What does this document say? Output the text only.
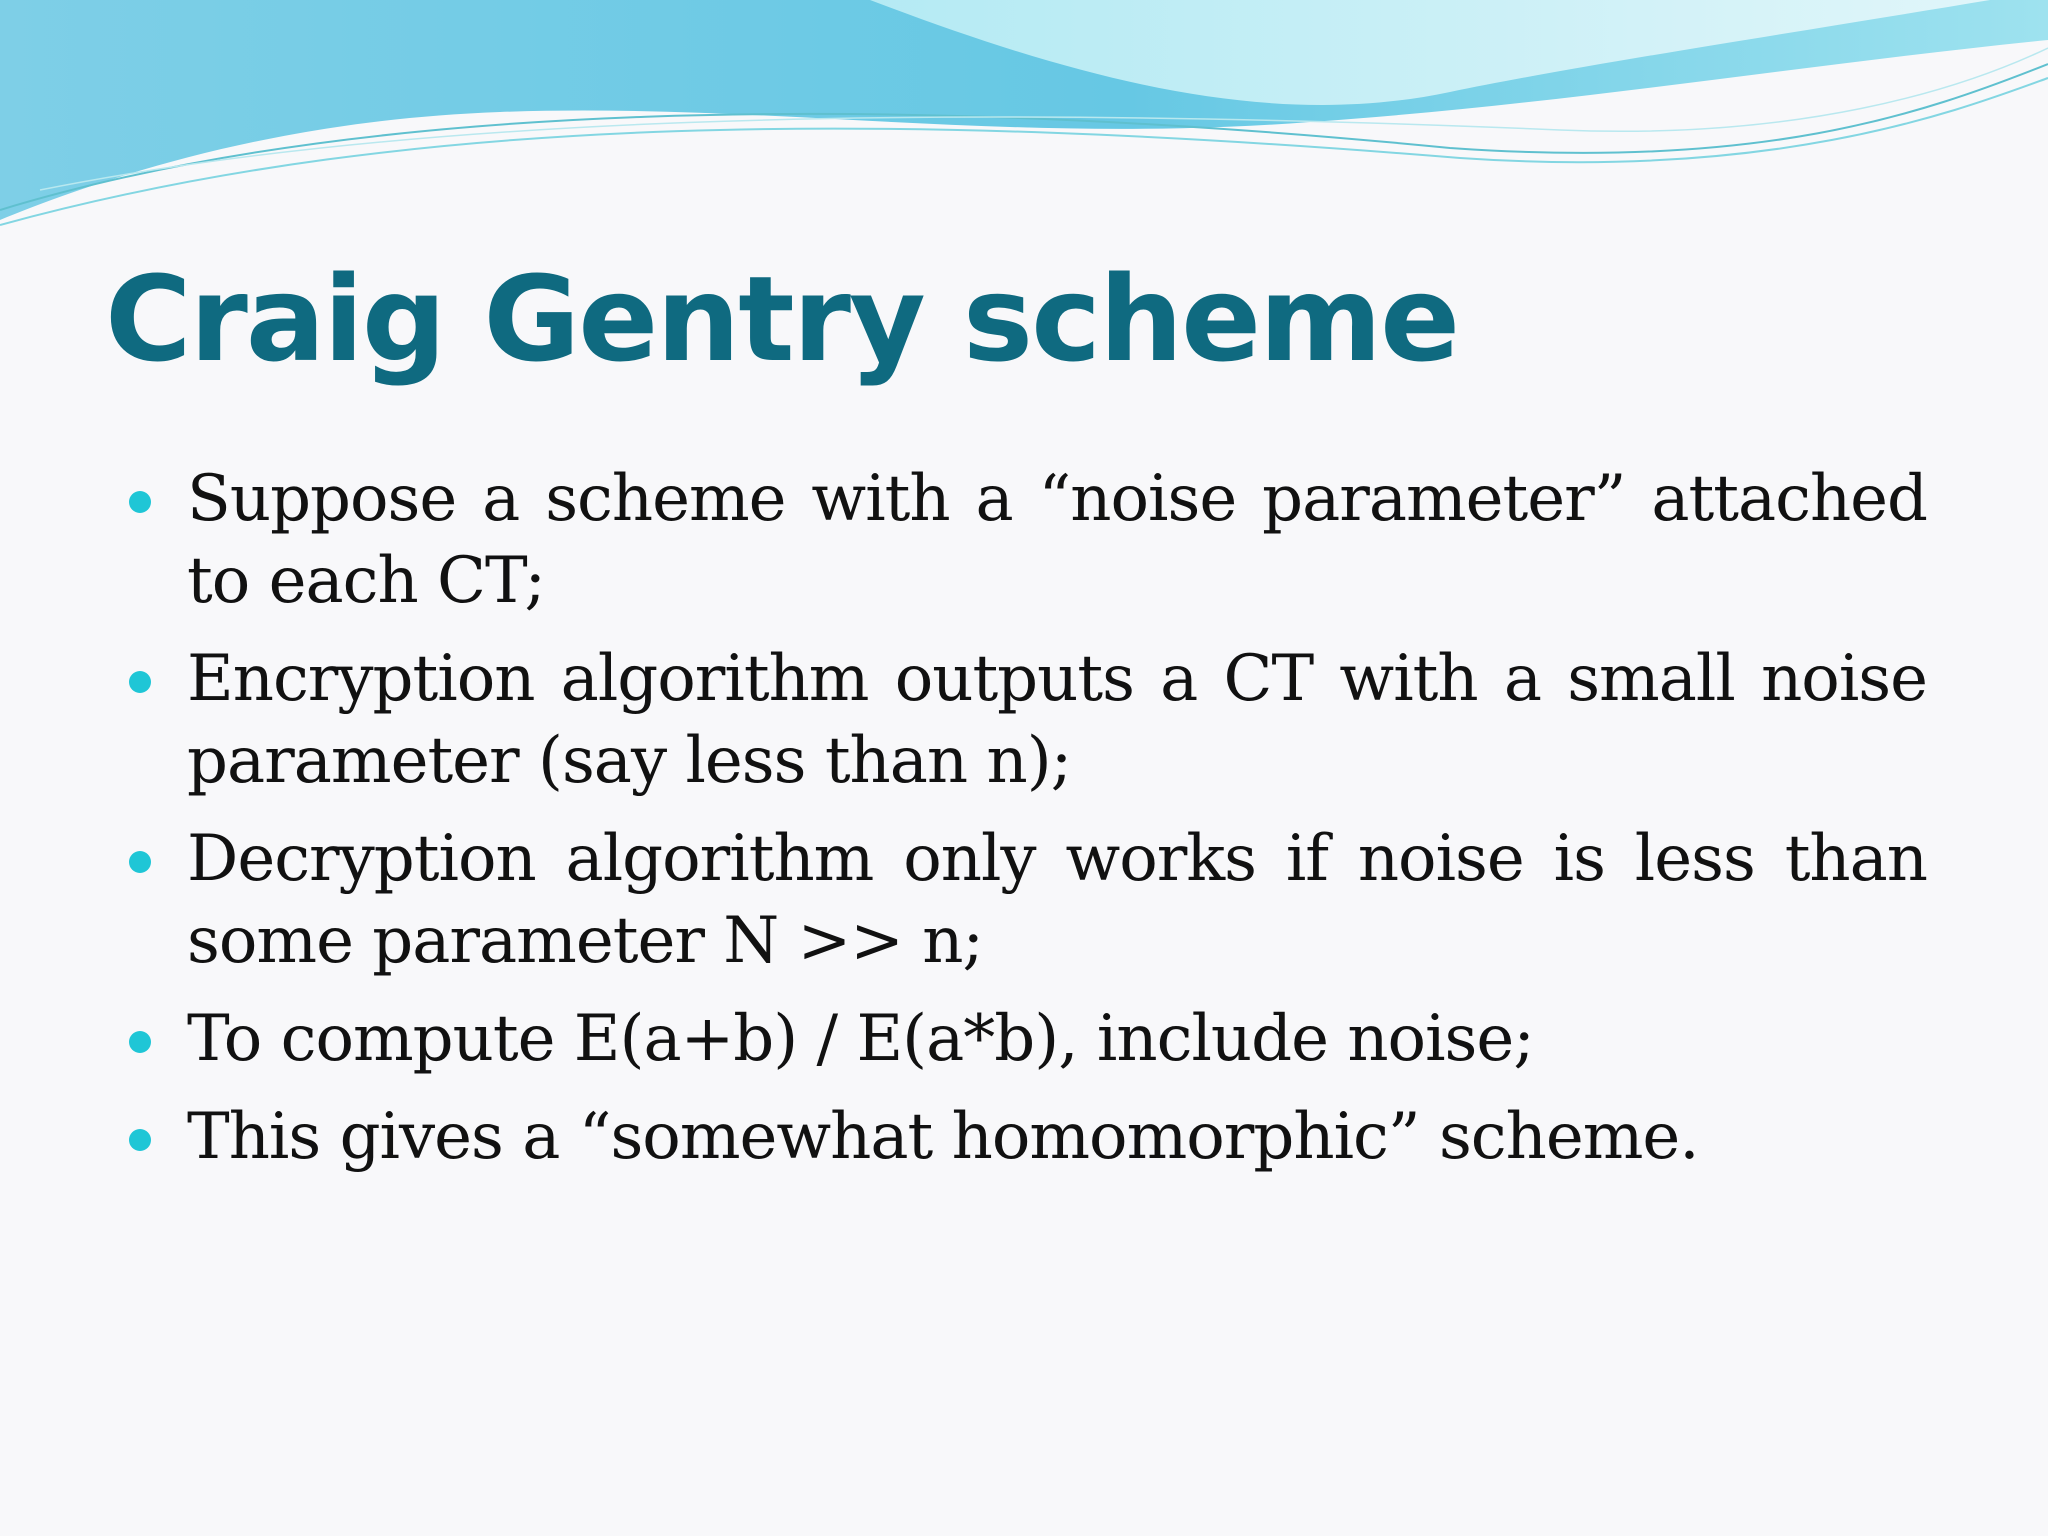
Craig Gentry scheme
Suppose a scheme with a “noise parameter” attached to each CT;
Encryption algorithm outputs a CT with a small noise parameter (say less than n);
Decryption algorithm only works if noise is less than some parameter N >> n;
To compute E(a+b) / E(a*b), include noise;
This gives a “somewhat homomorphic” scheme.
